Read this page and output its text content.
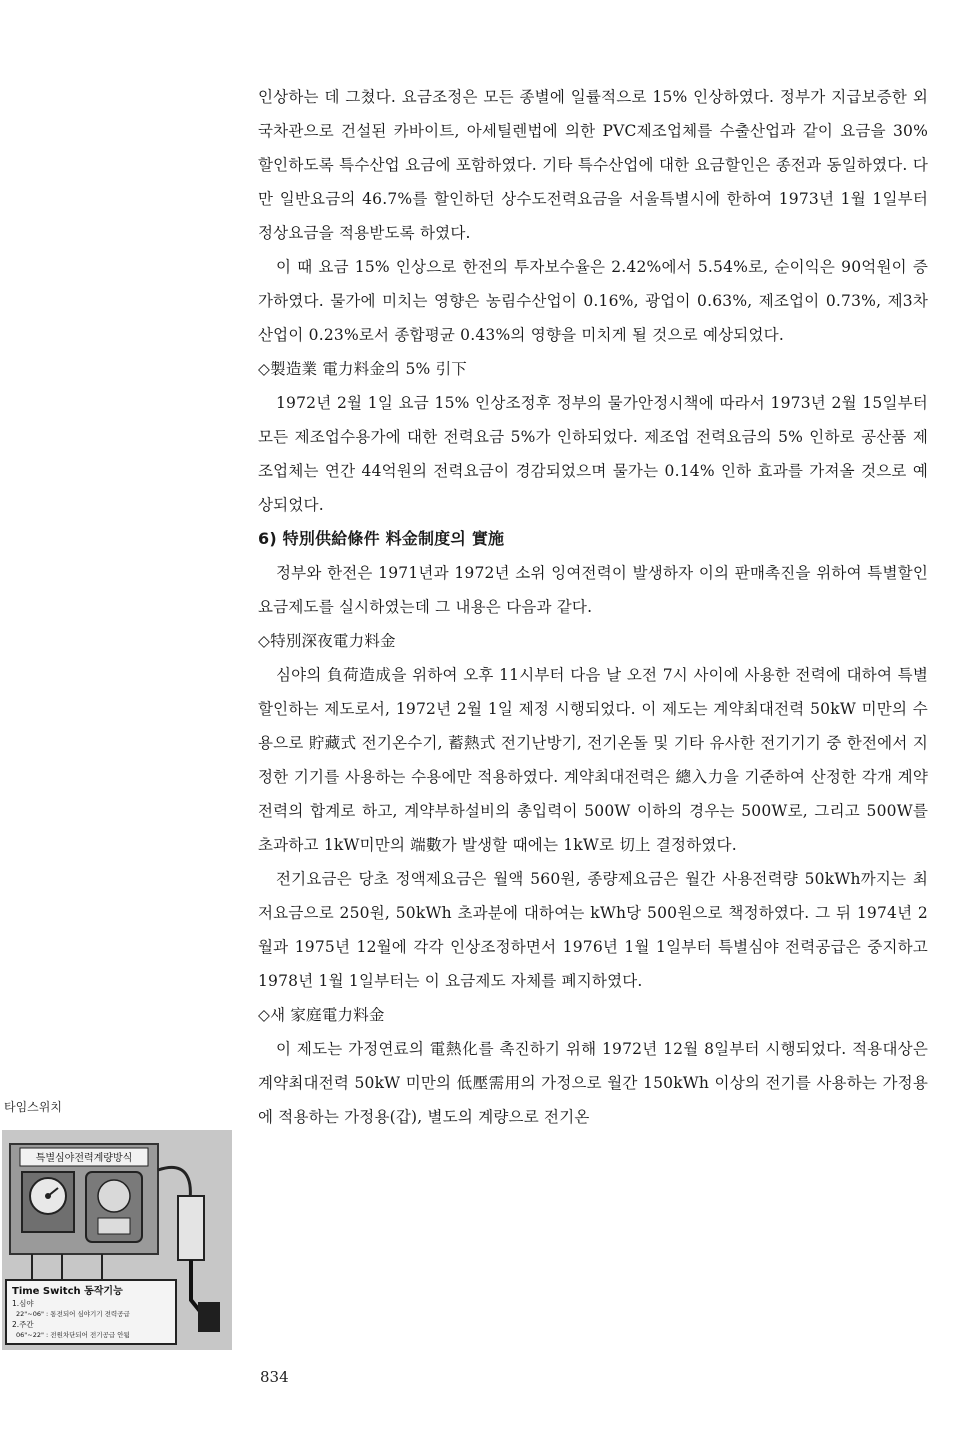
인상하는 데 그쳤다. 요금조정은 모든 종별에 일률적으로 15% 인상하였다. 정부가 지급보증한 외국차관으로 건설된 카바이트, 아세틸렌법에 의한 PVC제조업체를 수출산업과 같이 요금을 30% 할인하도록 특수산업 요금에 포함하였다. 기타 특수산업에 대한 요금할인은 종전과 동일하였다. 다만 일반요금의 46.7%를 할인하던 상수도전력요금을 서울특별시에 한하여 1973년 1월 1일부터 정상요금을 적용받도록 하였다.

이 때 요금 15% 인상으로 한전의 투자보수율은 2.42%에서 5.54%로, 순이익은 90억원이 증가하였다. 물가에 미치는 영향은 농림수산업이 0.16%, 광업이 0.63%, 제조업이 0.73%, 제3차산업이 0.23%로서 종합평균 0.43%의 영향을 미치게 될 것으로 예상되었다.

◇製造業 電力料金의 5% 引下

1972년 2월 1일 요금 15% 인상조정후 정부의 물가안정시책에 따라서 1973년 2월 15일부터 모든 제조업수용가에 대한 전력요금 5%가 인하되었다. 제조업 전력요금의 5% 인하로 공산품 제조업체는 연간 44억원의 전력요금이 경감되었으며 물가는 0.14% 인하 효과를 가져올 것으로 예상되었다.

6) 特別供給條件 料金制度의 實施

정부와 한전은 1971년과 1972년 소위 잉여전력이 발생하자 이의 판매촉진을 위하여 특별할인 요금제도를 실시하였는데 그 내용은 다음과 같다.

◇特別深夜電力料金

심야의 負荷造成을 위하여 오후 11시부터 다음 날 오전 7시 사이에 사용한 전력에 대하여 특별할인하는 제도로서, 1972년 2월 1일 제정 시행되었다. 이 제도는 계약최대전력 50kW 미만의 수용으로 貯藏式 전기온수기, 蓄熱式 전기난방기, 전기온돌 및 기타 유사한 전기기기 중 한전에서 지정한 기기를 사용하는 수용에만 적용하였다. 계약최대전력은 總入力을 기준하여 산정한 각개 계약전력의 합계로 하고, 계약부하설비의 총입력이 500W 이하의 경우는 500W로, 그리고 500W를 초과하고 1kW미만의 端數가 발생할 때에는 1kW로 切上 결정하였다.

전기요금은 당초 정액제요금은 월액 560원, 종량제요금은 월간 사용전력량 50kWh까지는 최저요금으로 250원, 50kWh 초과분에 대하여는 kWh당 500원으로 책정하였다. 그 뒤 1974년 2월과 1975년 12월에 각각 인상조정하면서 1976년 1월 1일부터 특별심야 전력공급은 중지하고 1978년 1월 1일부터는 이 요금제도 자체를 폐지하였다.

◇새 家庭電力料金

이 제도는 가정연료의 電熱化를 촉진하기 위해 1972년 12월 8일부터 시행되었다. 적용대상은 계약최대전력 50kW 미만의 低壓需用의 가정으로 월간 150kWh 이상의 전기를 사용하는 가정용에 적용하는 가정용(갑), 별도의 계량으로 전기온

타임스위치
특별심야전력계량방식
Time Switch 동작기능
1.심야
22"~06" : 통전되어 심야기기 전력공급
2.주간
06"~22" : 전원차단되어 전기공급 안됨
834
